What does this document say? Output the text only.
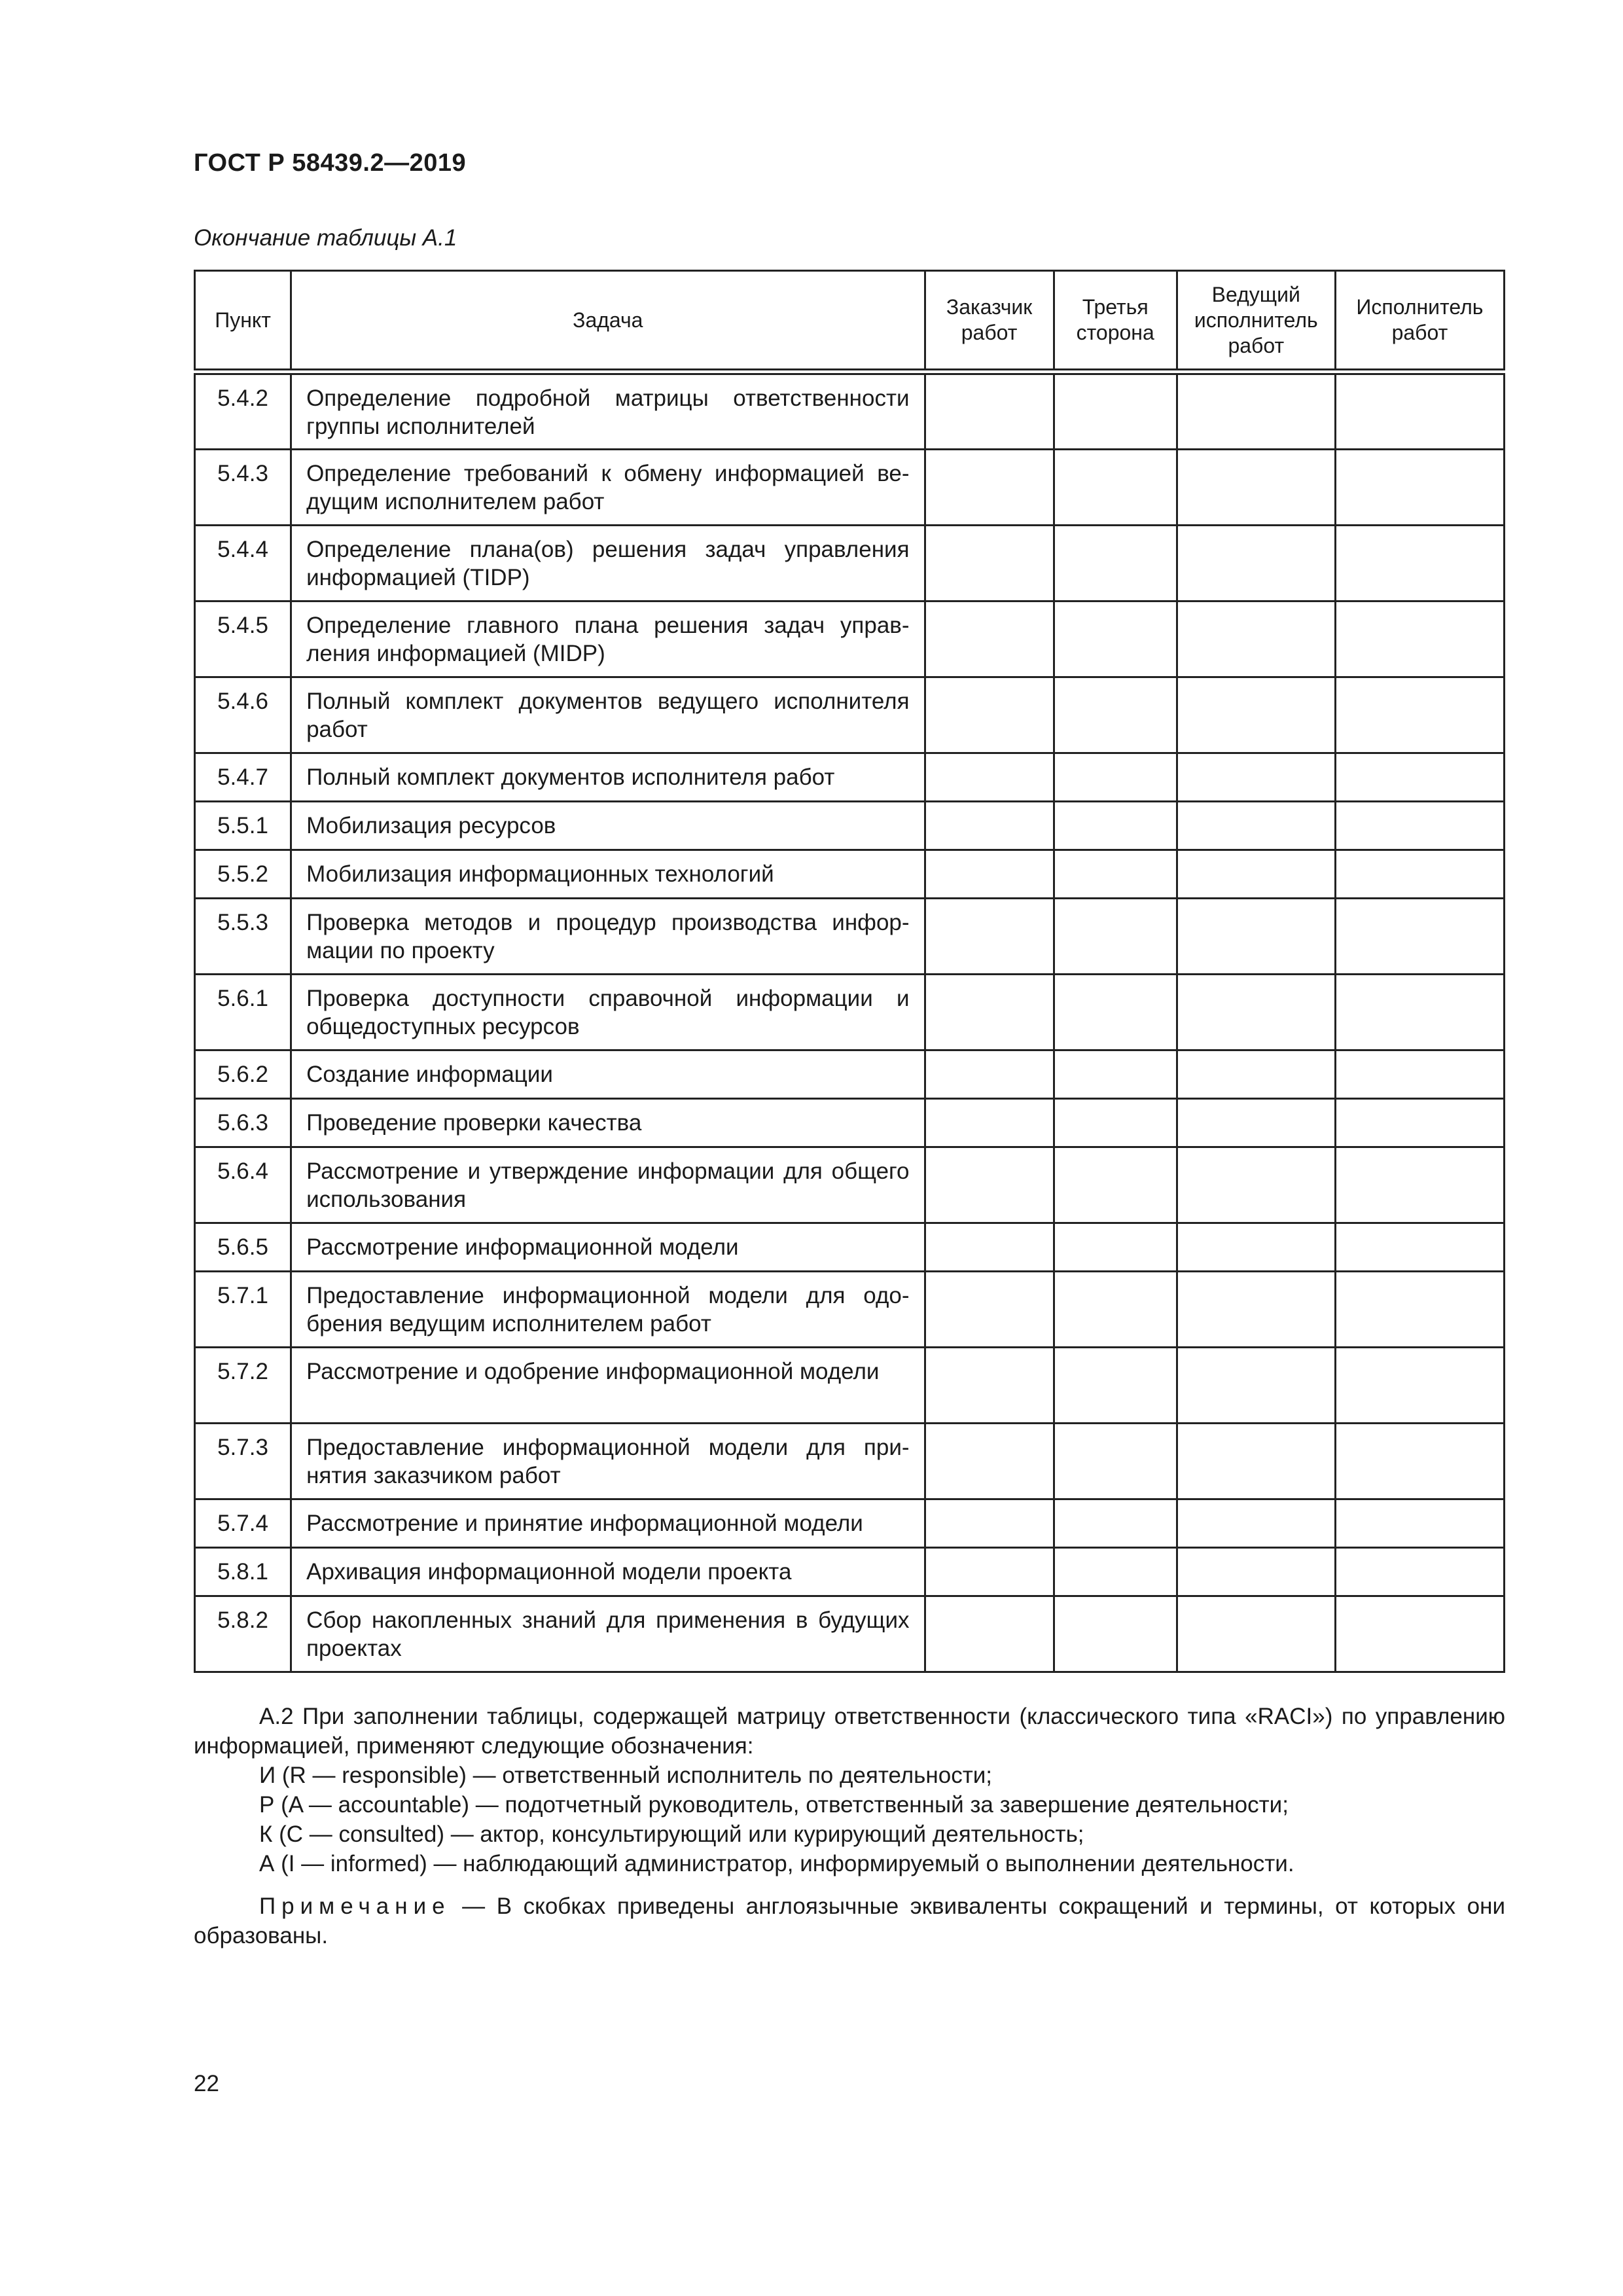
ГОСТ Р 58439.2—2019
Окончание таблицы А.1
Пункт	Задача	Заказчик работ	Третья сторона	Ведущий исполнитель работ	Исполнитель работ
5.4.2	Определение подробной матрицы ответственности группы исполнителей				
5.4.3	Определение требований к обмену информацией ведущим исполнителем работ				
5.4.4	Определение плана(ов) решения задач управления информацией (TIDP)				
5.4.5	Определение главного плана решения задач управления информацией (MIDP)				
5.4.6	Полный комплект документов ведущего исполнителя работ				
5.4.7	Полный комплект документов исполнителя работ				
5.5.1	Мобилизация ресурсов				
5.5.2	Мобилизация информационных технологий				
5.5.3	Проверка методов и процедур производства информации по проекту				
5.6.1	Проверка доступности справочной информации и общедоступных ресурсов				
5.6.2	Создание информации				
5.6.3	Проведение проверки качества				
5.6.4	Рассмотрение и утверждение информации для общего использования				
5.6.5	Рассмотрение информационной модели				
5.7.1	Предоставление информационной модели для одобрения ведущим исполнителем работ				
5.7.2	Рассмотрение и одобрение информационной модели				
5.7.3	Предоставление информационной модели для принятия заказчиком работ				
5.7.4	Рассмотрение и принятие информационной модели				
5.8.1	Архивация информационной модели проекта				
5.8.2	Сбор накопленных знаний для применения в будущих проектах				

А.2 При заполнении таблицы, содержащей матрицу ответственности (классического типа «RACI») по управлению информацией, применяют следующие обозначения:

И (R — responsible) — ответственный исполнитель по деятельности;

Р (A — accountable) — подотчетный руководитель, ответственный за завершение деятельности;

К (C — consulted) — актор, консультирующий или курирующий деятельность;

А (I — informed) — наблюдающий администратор, информируемый о выполнении деятельности.

Примечание — В скобках приведены англоязычные эквиваленты сокращений и термины, от которых они образованы.

22
